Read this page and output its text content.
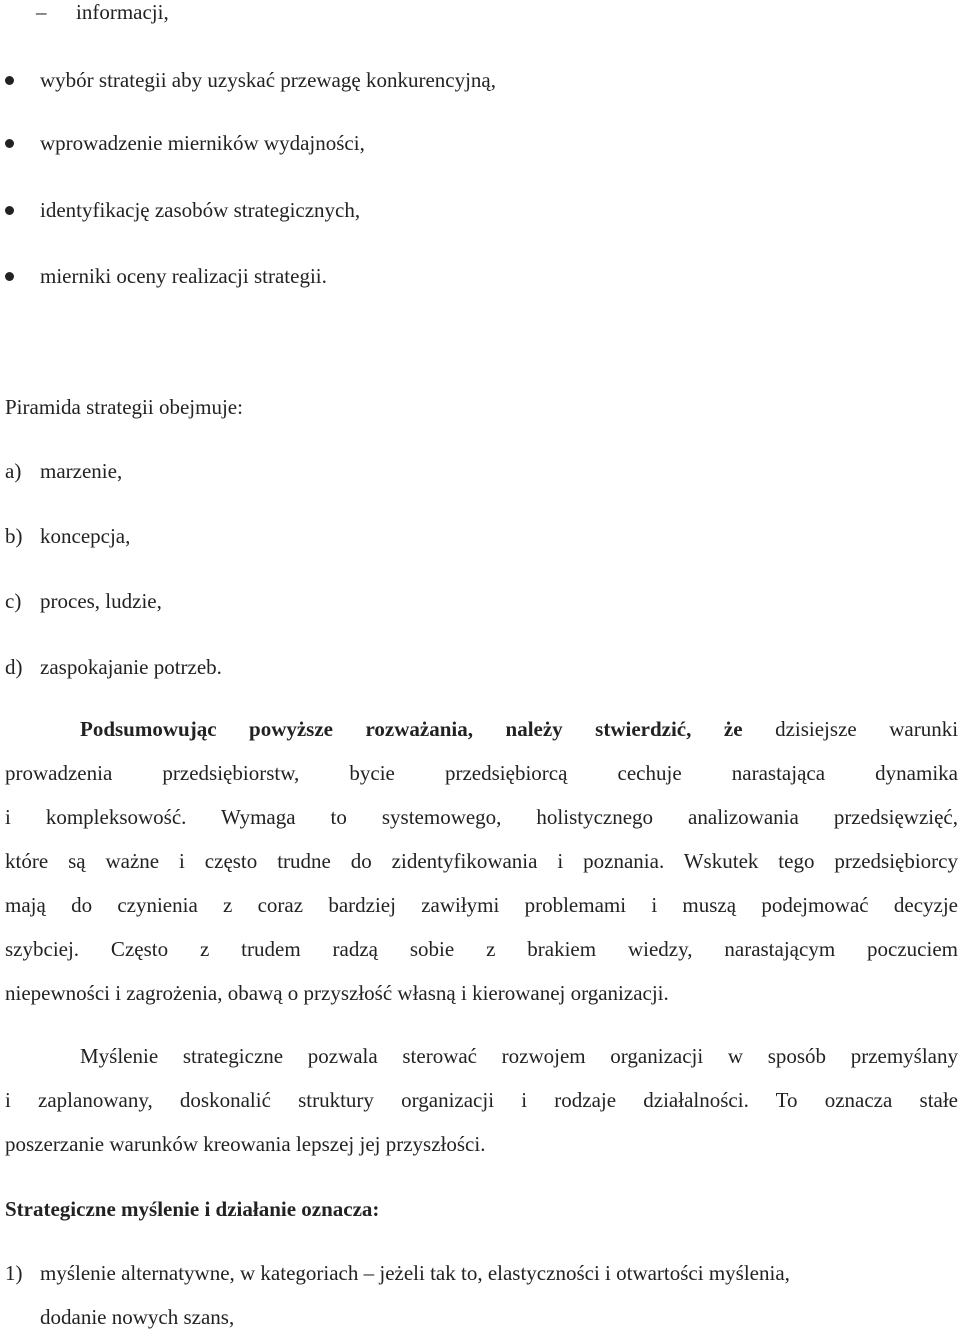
– informacji,
wybór strategii aby uzyskać przewagę konkurencyjną,
wprowadzenie mierników wydajności,
identyfikację zasobów strategicznych,
mierniki oceny realizacji strategii.
Piramida strategii obejmuje:
a) marzenie,
b) koncepcja,
c) proces, ludzie,
d) zaspokajanie potrzeb.
Podsumowując powyższe rozważania, należy stwierdzić, że dzisiejsze warunki
prowadzenia przedsiębiorstw, bycie przedsiębiorcą cechuje narastająca dynamika
i kompleksowość. Wymaga to systemowego, holistycznego analizowania przedsięwzięć,
które są ważne i często trudne do zidentyfikowania i poznania. Wskutek tego przedsiębiorcy
mają do czynienia z coraz bardziej zawiłymi problemami i muszą podejmować decyzje
szybciej. Często z trudem radzą sobie z brakiem wiedzy, narastającym poczuciem
niepewności i zagrożenia, obawą o przyszłość własną i kierowanej organizacji.
Myślenie strategiczne pozwala sterować rozwojem organizacji w sposób przemyślany
i zaplanowany, doskonalić struktury organizacji i rodzaje działalności. To oznacza stałe
poszerzanie warunków kreowania lepszej jej przyszłości.
Strategiczne myślenie i działanie oznacza:
1) myślenie alternatywne, w kategoriach – jeżeli tak to, elastyczności i otwartości myślenia,
dodanie nowych szans,
